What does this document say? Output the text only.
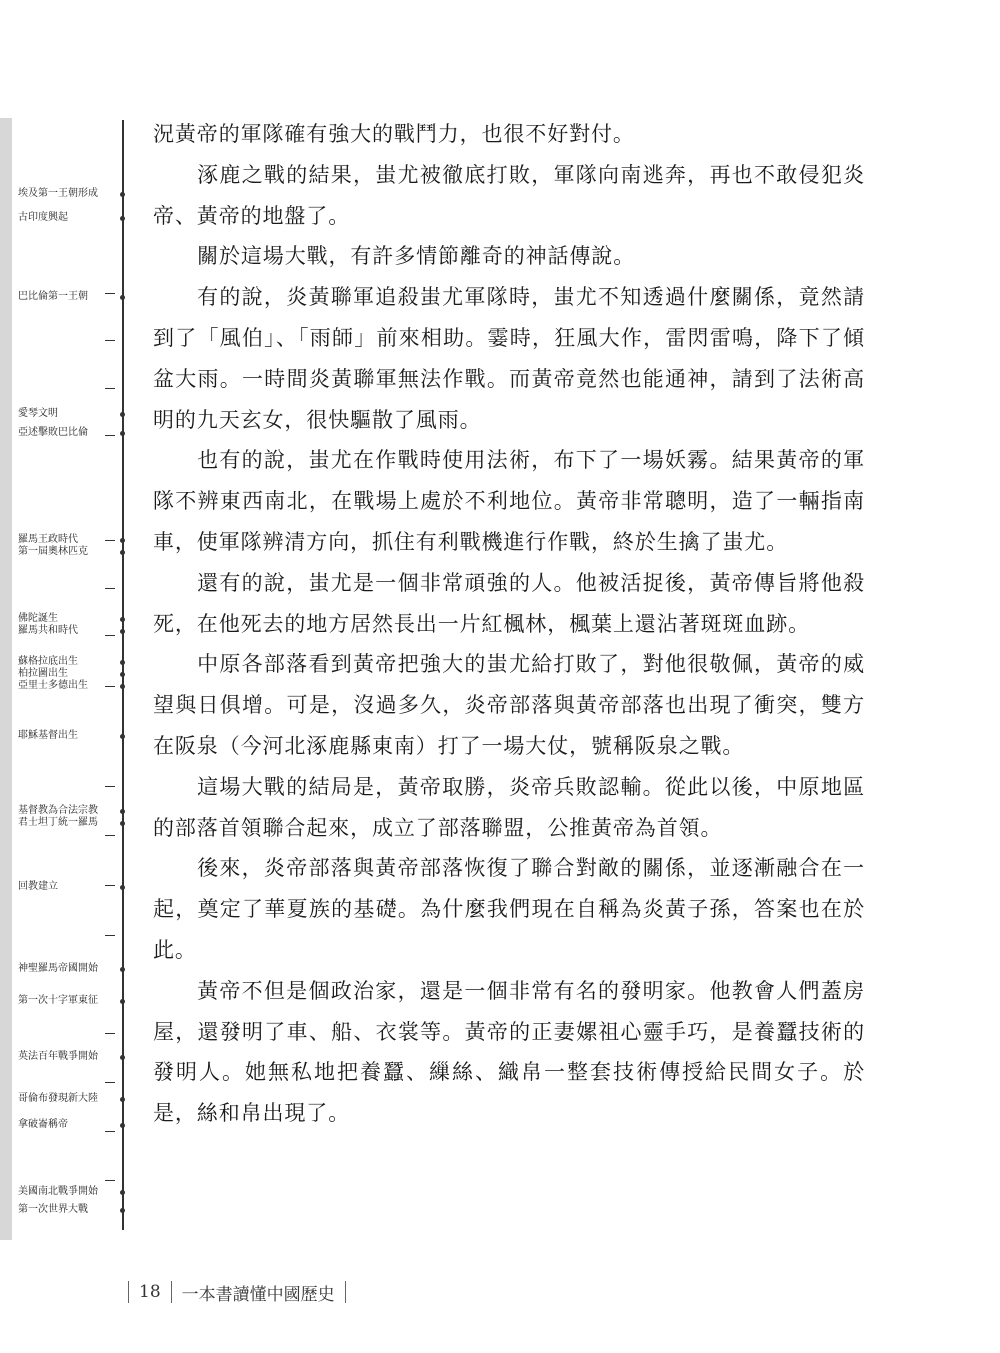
埃及第一王朝形成
古印度興起
巴比倫第一王朝
愛琴文明
亞述擊敗巴比倫
羅馬王政時代
第一屆奧林匹克
佛陀誕生
羅馬共和時代
蘇格拉底出生
柏拉圖出生
亞里士多德出生
耶穌基督出生
基督教為合法宗教
君士坦丁統一羅馬
回教建立
神聖羅馬帝國開始
第一次十字軍東征
英法百年戰爭開始
哥倫布發現新大陸
拿破崙稱帝
美國南北戰爭開始
第一次世界大戰

況黃帝的軍隊確有強大的戰鬥力，也很不好對付。

涿鹿之戰的結果，蚩尤被徹底打敗，軍隊向南逃奔，再也不敢侵犯炎帝、黃帝的地盤了。

關於這場大戰，有許多情節離奇的神話傳說。

有的說，炎黃聯軍追殺蚩尤軍隊時，蚩尤不知透過什麼關係，竟然請到了「風伯」、「雨師」前來相助。霎時，狂風大作，雷閃雷鳴，降下了傾盆大雨。一時間炎黃聯軍無法作戰。而黃帝竟然也能通神，請到了法術高明的九天玄女，很快驅散了風雨。

也有的說，蚩尤在作戰時使用法術，布下了一場妖霧。結果黃帝的軍隊不辨東西南北，在戰場上處於不利地位。黃帝非常聰明，造了一輛指南車，使軍隊辨清方向，抓住有利戰機進行作戰，終於生擒了蚩尤。

還有的說，蚩尤是一個非常頑強的人。他被活捉後，黃帝傳旨將他殺死，在他死去的地方居然長出一片紅楓林，楓葉上還沾著斑斑血跡。

中原各部落看到黃帝把強大的蚩尤給打敗了，對他很敬佩，黃帝的威望與日俱增。可是，沒過多久，炎帝部落與黃帝部落也出現了衝突，雙方在阪泉（今河北涿鹿縣東南）打了一場大仗，號稱阪泉之戰。

這場大戰的結局是，黃帝取勝，炎帝兵敗認輸。從此以後，中原地區的部落首領聯合起來，成立了部落聯盟，公推黃帝為首領。

後來，炎帝部落與黃帝部落恢復了聯合對敵的關係，並逐漸融合在一起，奠定了華夏族的基礎。為什麼我們現在自稱為炎黃子孫，答案也在於此。

黃帝不但是個政治家，還是一個非常有名的發明家。他教會人們蓋房屋，還發明了車、船、衣裳等。黃帝的正妻嫘祖心靈手巧，是養蠶技術的發明人。她無私地把養蠶、繅絲、織帛一整套技術傳授給民間女子。於是，絲和帛出現了。

18 一本書讀懂中國歷史
